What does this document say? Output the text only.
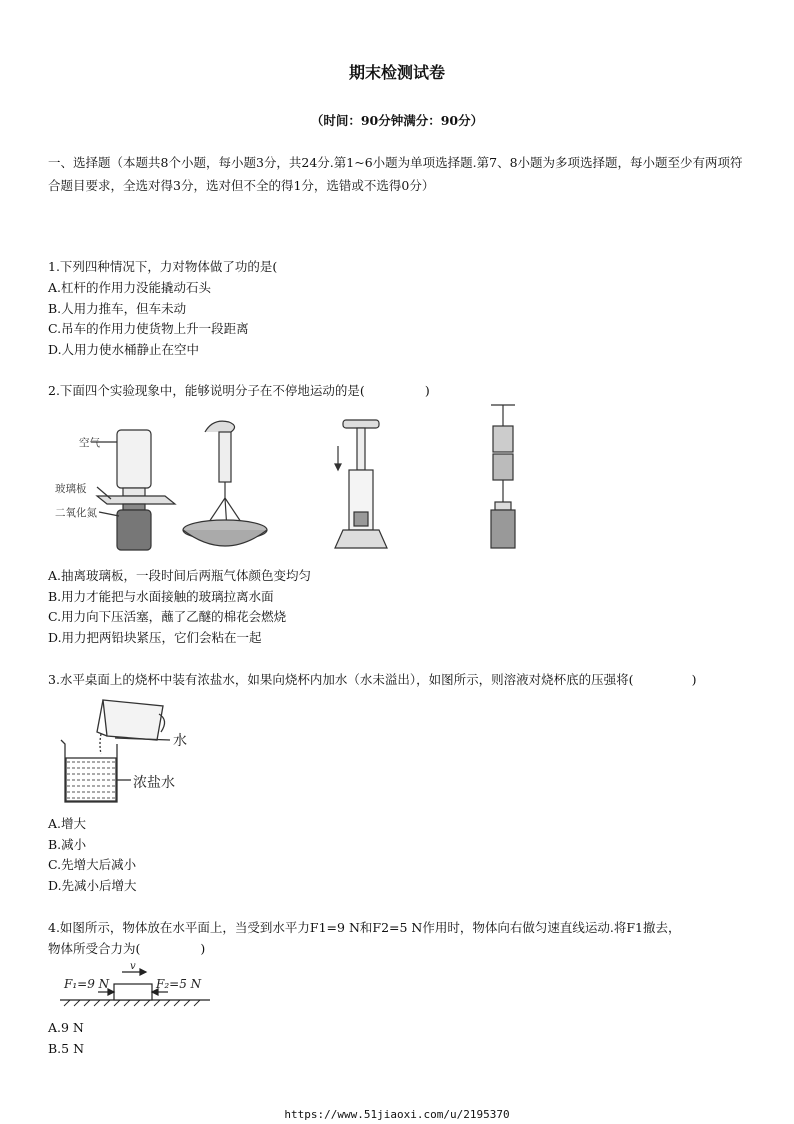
期末检测试卷
（时间：90分钟满分：90分）
一、选择题（本题共8个小题，每小题3分，共24分.第1~6小题为单项选择题.第7、8小题为多项选择题，每小题至少有两项符合题目要求，全选对得3分，选对但不全的得1分，选错或不选得0分）
1.下列四种情况下，力对物体做了功的是(
A.杠杆的作用力没能撬动石头
B.人用力推车，但车未动
C.吊车的作用力使货物上升一段距离
D.人用力使水桶静止在空中
2.下面四个实验现象中，能够说明分子在不停地运动的是(	)
空气
玻璃板
二氧化氮
A.抽离玻璃板，一段时间后两瓶气体颜色变均匀
B.用力才能把与水面接触的玻璃拉离水面
C.用力向下压活塞，蘸了乙醚的棉花会燃烧
D.用力把两铅块紧压，它们会粘在一起
3.水平桌面上的烧杯中装有浓盐水，如果向烧杯内加水（水未溢出），如图所示，则溶液对烧杯底的压强将(	)
水
浓盐水
A.增大
B.减小
C.先增大后减小
D.先减小后增大
4.如图所示，物体放在水平面上，当受到水平力F1=9 N和F2=5 N作用时，物体向右做匀速直线运动.将F1撤去，
物体所受合力为(	)
F₁=9 N	F₂=5 N
v
A.9 N
B.5 N
https://www.51jiaoxi.com/u/2195370
